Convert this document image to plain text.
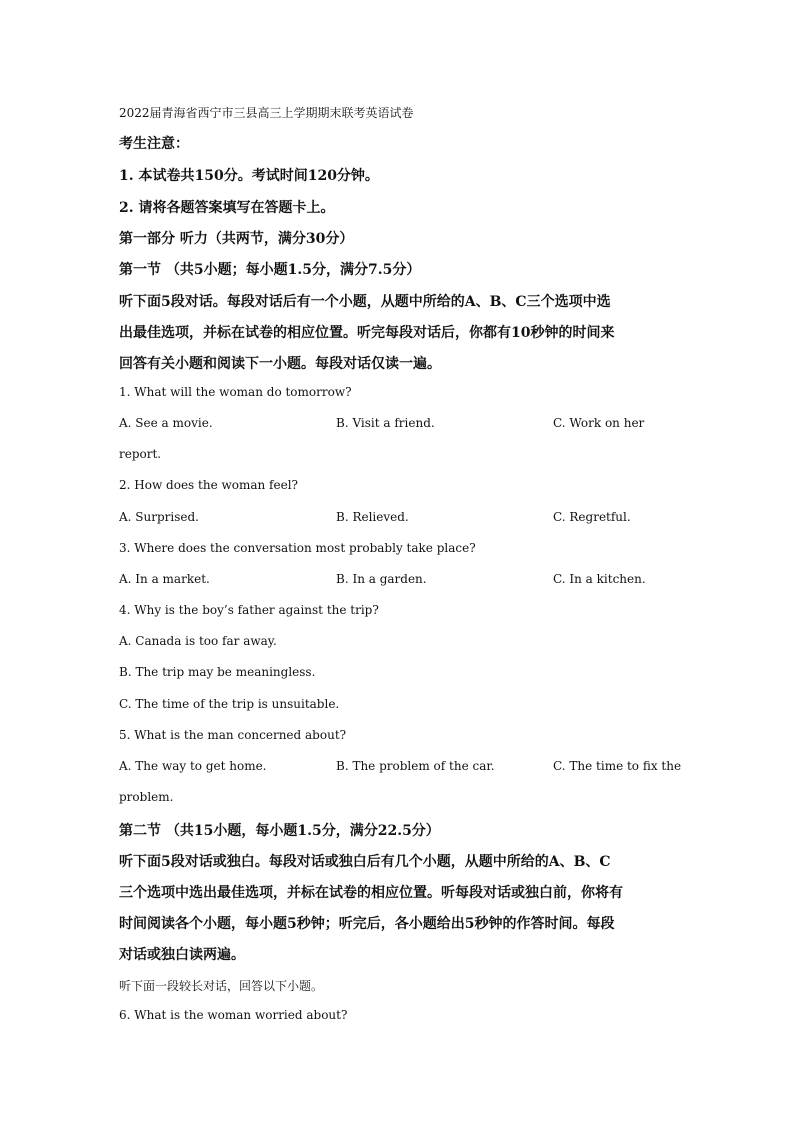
2022届青海省西宁市三县高三上学期期末联考英语试卷
考生注意：
1. 本试卷共150分。考试时间120分钟。
2. 请将各题答案填写在答题卡上。
第一部分 听力（共两节，满分30分）
第一节 （共5小题；每小题1.5分，满分7.5分）
听下面5段对话。每段对话后有一个小题，从题中所给的A、B、C三个选项中选
出最佳选项，并标在试卷的相应位置。听完每段对话后，你都有10秒钟的时间来
回答有关小题和阅读下一小题。每段对话仅读一遍。
1. What will the woman do tomorrow?
A. See a movie.	B. Visit a friend.	C. Work on her
report.
2. How does the woman feel?
A. Surprised.	B. Relieved.	C. Regretful.
3. Where does the conversation most probably take place?
A. In a market.	B. In a garden.	C. In a kitchen.
4. Why is the boy’s father against the trip?
A. Canada is too far away.
B. The trip may be meaningless.
C. The time of the trip is unsuitable.
5. What is the man concerned about?
A. The way to get home.	B. The problem of the car.	C. The time to fix the
problem.
第二节 （共15小题，每小题1.5分，满分22.5分）
听下面5段对话或独白。每段对话或独白后有几个小题，从题中所给的A、B、C
三个选项中选出最佳选项，并标在试卷的相应位置。听每段对话或独白前，你将有
时间阅读各个小题，每小题5秒钟；听完后，各小题给出5秒钟的作答时间。每段
对话或独白读两遍。
听下面一段较长对话，回答以下小题。
6. What is the woman worried about?
